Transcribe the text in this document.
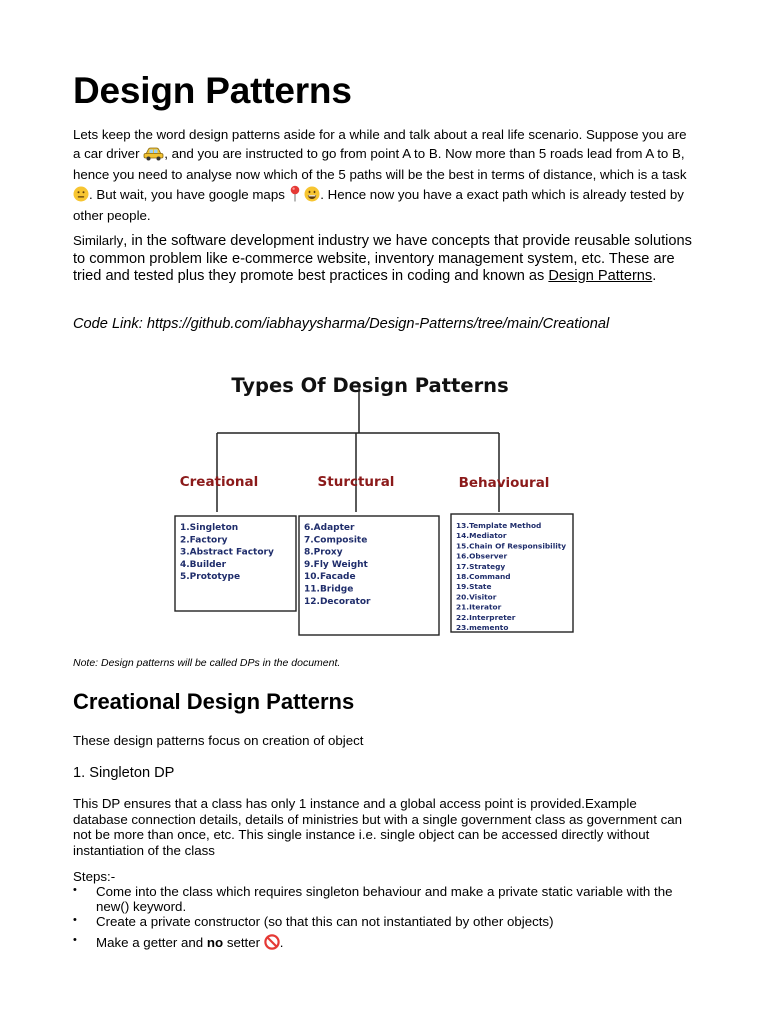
Design Patterns
Lets keep the word design patterns aside for a while and talk about a real life scenario. Suppose you are a car driver , and you are instructed to go from point A to B. Now more than 5 roads lead from A to B, hence you need to analyse now which of the 5 paths will be the best in terms of distance, which is a task . But wait, you have google maps  . Hence now you have a exact path which is already tested by other people.
Similarly, in the software development industry we have concepts that provide reusable solutions to common problem like e-commerce website, inventory management system, etc. These are tried and tested plus they promote best practices in coding and known as Design Patterns.
Code Link: https://github.com/iabhayysharma/Design-Patterns/tree/main/Creational
Types Of Design Patterns
Creational
1.Singleton
2.Factory
3.Abstract Factory
4.Builder
5.Prototype
Sturctural
6.Adapter
7.Composite
8.Proxy
9.Fly Weight
10.Facade
11.Bridge
12.Decorator
Behavioural
13.Template Method
14.Mediator
15.Chain Of Responsibility
16.Observer
17.Strategy
18.Command
19.State
20.Visitor
21.Iterator
22.Interpreter
23.memento
Note: Design patterns will be called DPs in the document.
Creational Design Patterns
These design patterns focus on creation of object
1. Singleton DP
This DP ensures that a class has only 1 instance and a global access point is provided.Example database connection details, details of ministries but with a single government class as government can not be more than once, etc. This single instance i.e. single object can be accessed directly without instantiation of the class
Steps:-
• Come into the class which requires singleton behaviour and make a private static variable with the new() keyword.
• Create a private constructor (so that this can not instantiated by other objects)
• Make a getter and no setter .
